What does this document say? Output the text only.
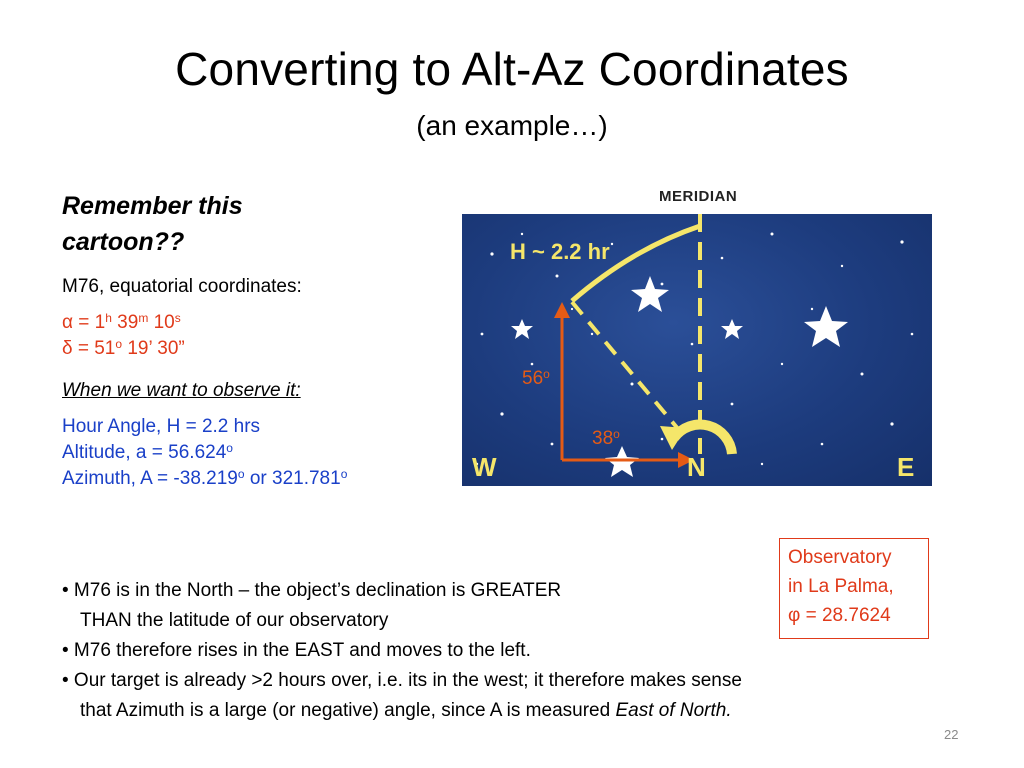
Converting to Alt-Az Coordinates
(an example…)

Remember this

cartoon??

M76, equatorial coordinates:

$\alpha = 1^h$ 39$^m$ 10$^s$

$\delta = 51^o$ 19’ 30”

When we want to observe it:

Hour Angle, H = 2.2 hrs

Altitude, $a = 56.624^o$

Azimuth, $A = -38.219^o$ or 321.781$^o$

MERIDIAN
H ~ 2.2 hr
W	N	E
56$^o$
38$^o$
Observatory
in La Palma,
φ = 28.7624

• M76 is in the North – the object’s declination is GREATER

THAN the latitude of our observatory

• M76 therefore rises in the EAST and moves to the left.

• Our target is already >2 hours over, i.e. its in the west; it therefore makes sense

that Azimuth is a large (or negative) angle, since A is measured East of North.

22
